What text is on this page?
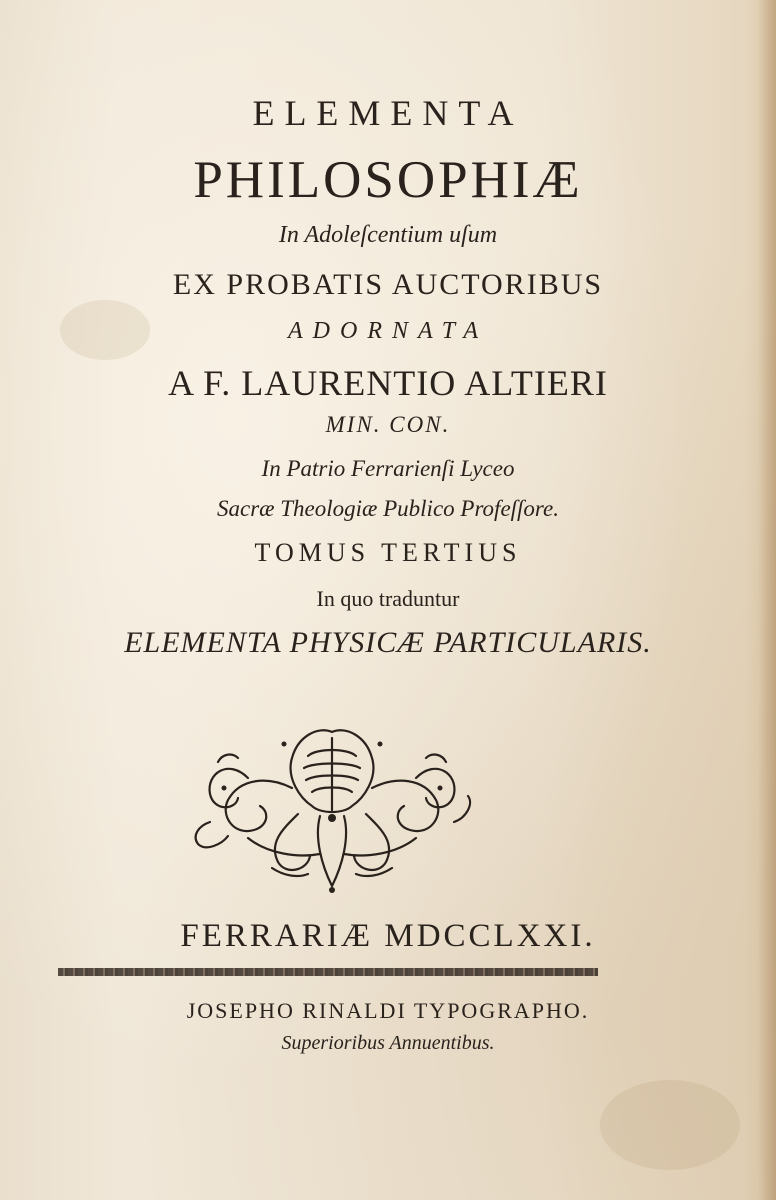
ELEMENTA
PHILOSOPHIÆ
In Adoleſcentium uſum
EX PROBATIS AUCTORIBUS
ADORNATA
A F. LAURENTIO ALTIERI
MIN. CON.
In Patrio Ferrarienſi Lyceo
Sacræ Theologiæ Publico Profeſſore.
TOMUS TERTIUS
In quo traduntur
ELEMENTA PHYSICÆ PARTICULARIS.
FERRARIÆ MDCCLXXI.
JOSEPHO RINALDI TYPOGRAPHO.
Superioribus Annuentibus.
